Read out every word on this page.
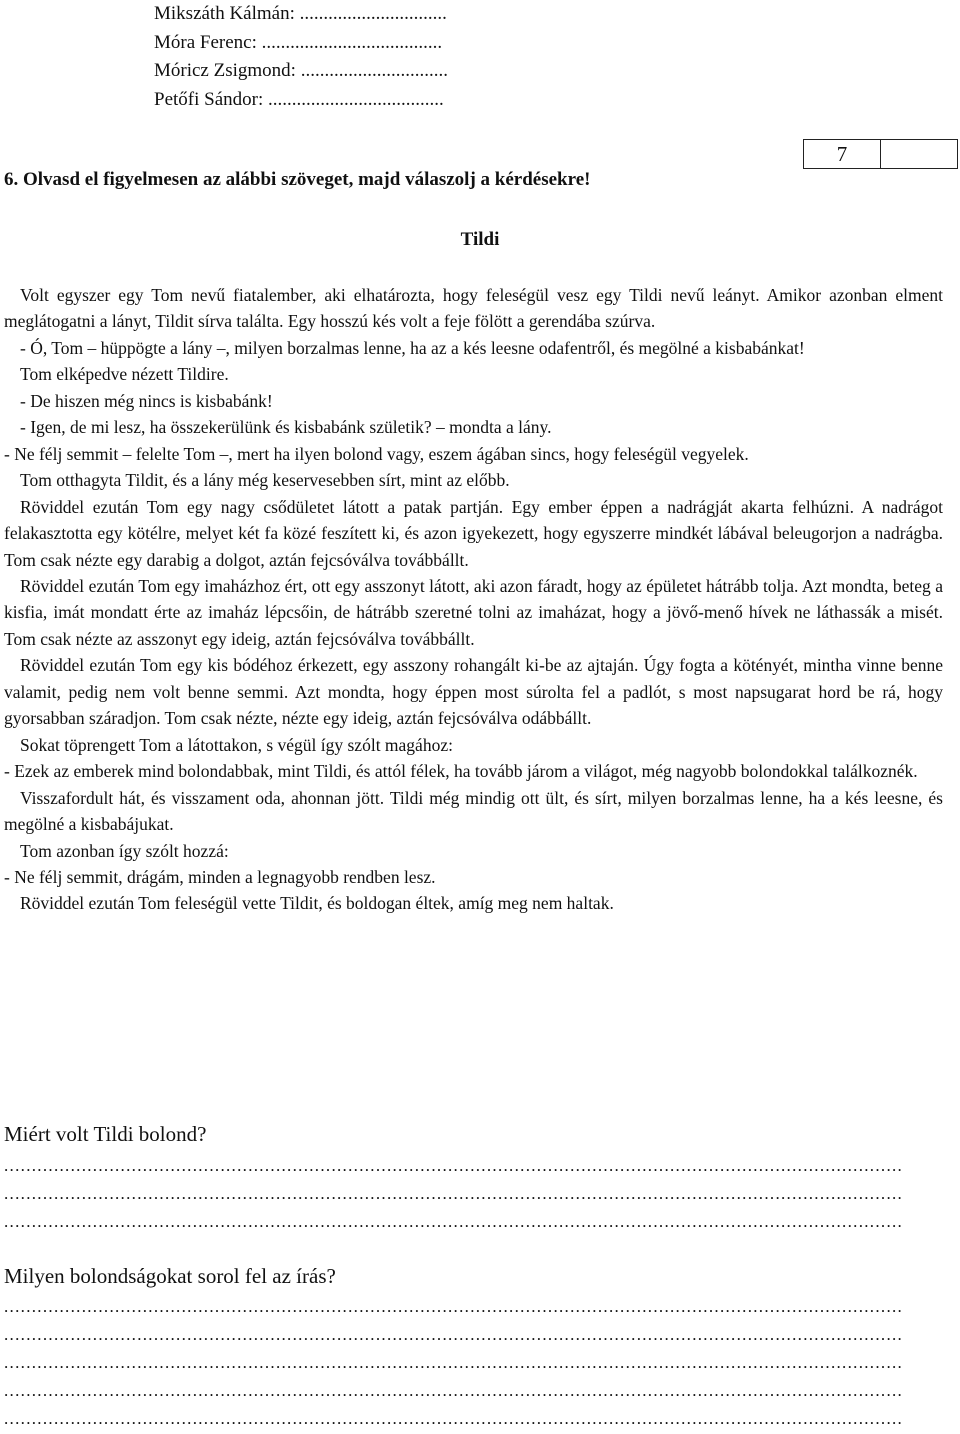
Mikszáth Kálmán: ...............................
Móra Ferenc: ......................................
Móricz Zsigmond: ...............................
Petőfi Sándor: .....................................
7
6. Olvasd el figyelmesen az alábbi szöveget, majd válaszolj a kérdésekre!
Tildi

Volt egyszer egy Tom nevű fiatalember, aki elhatározta, hogy feleségül vesz egy Tildi nevű leányt. Amikor azonban elment meglátogatni a lányt, Tildit sírva találta. Egy hosszú kés volt a feje fölött a gerendába szúrva.

- Ó, Tom – hüppögte a lány –, milyen borzalmas lenne, ha az a kés leesne odafentről, és megölné a kisbabánkat!

Tom elképedve nézett Tildire.

- De hiszen még nincs is kisbabánk!

- Igen, de mi lesz, ha összekerülünk és kisbabánk születik? – mondta a lány.

- Ne félj semmit – felelte Tom –, mert ha ilyen bolond vagy, eszem ágában sincs, hogy feleségül vegyelek.

Tom otthagyta Tildit, és a lány még keservesebben sírt, mint az előbb.

Röviddel ezután Tom egy nagy csődületet látott a patak partján. Egy ember éppen a nadrágját akarta felhúzni. A nadrágot felakasztotta egy kötélre, melyet két fa közé feszített ki, és azon igyekezett, hogy egyszerre mindkét lábával beleugorjon a nadrágba. Tom csak nézte egy darabig a dolgot, aztán fejcsóválva továbbállt.

Röviddel ezután Tom egy imaházhoz ért, ott egy asszonyt látott, aki azon fáradt, hogy az épületet hátrább tolja. Azt mondta, beteg a kisfia, imát mondatt érte az imaház lépcsőin, de hátrább szeretné tolni az imaházat, hogy a jövő-menő hívek ne láthassák a misét. Tom csak nézte az asszonyt egy ideig, aztán fejcsóválva továbbállt.

Röviddel ezután Tom egy kis bódéhoz érkezett, egy asszony rohangált ki-be az ajtaján. Úgy fogta a kötényét, mintha vinne benne valamit, pedig nem volt benne semmi. Azt mondta, hogy éppen most súrolta fel a padlót, s most napsugarat hord be rá, hogy gyorsabban száradjon. Tom csak nézte, nézte egy ideig, aztán fejcsóválva odábbállt.

Sokat töprengett Tom a látottakon, s végül így szólt magához:

- Ezek az emberek mind bolondabbak, mint Tildi, és attól félek, ha tovább járom a világot, még nagyobb bolondokkal találkoznék.

Visszafordult hát, és visszament oda, ahonnan jött. Tildi még mindig ott ült, és sírt, milyen borzalmas lenne, ha a kés leesne, és megölné a kisbabájukat.

Tom azonban így szólt hozzá:

- Ne félj semmit, drágám, minden a legnagyobb rendben lesz.

Röviddel ezután Tom feleségül vette Tildit, és boldogan éltek, amíg meg nem haltak.

Miért volt Tildi bolond?
..................................................................................................................................................................
..................................................................................................................................................................
..................................................................................................................................................................
Milyen bolondságokat sorol fel az írás?
..................................................................................................................................................................
..................................................................................................................................................................
..................................................................................................................................................................
..................................................................................................................................................................
..................................................................................................................................................................
